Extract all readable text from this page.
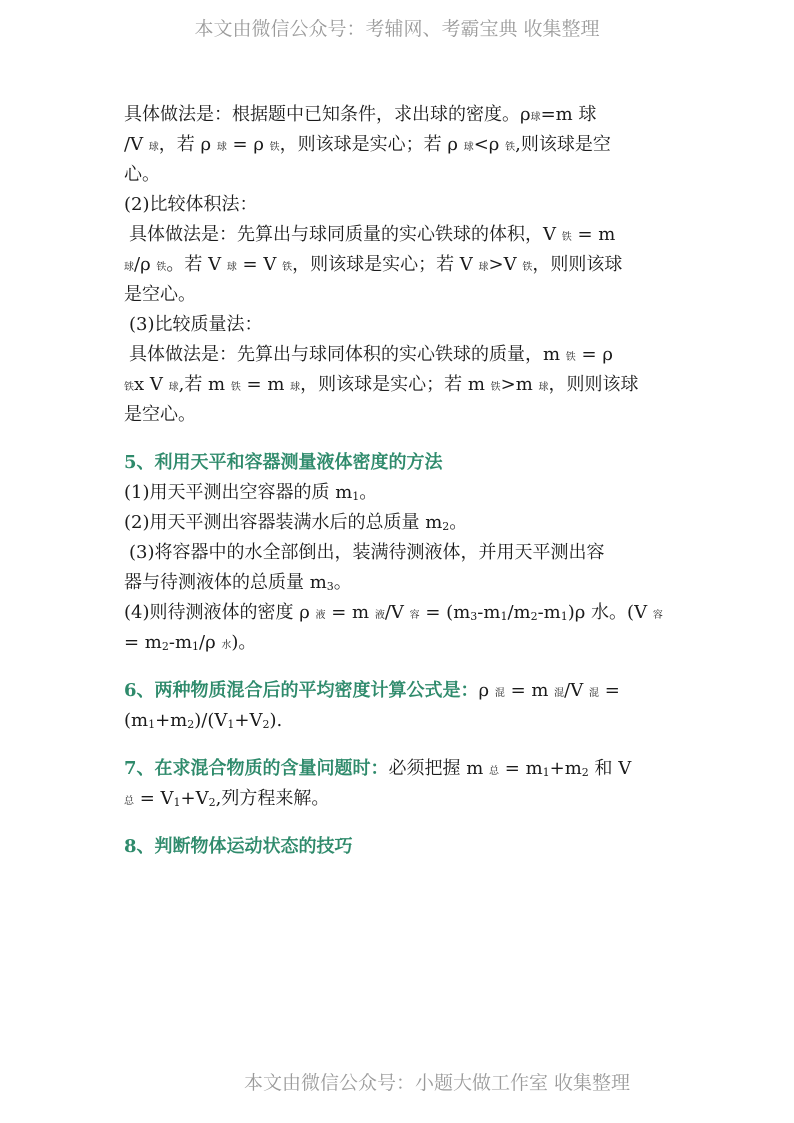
本文由微信公众号：考辅网、考霸宝典 收集整理
具体做法是：根据题中已知条件，求出球的密度。ρ球=m 球
/V 球，若 ρ 球 = ρ 铁，则该球是实心；若 ρ 球<ρ 铁,则该球是空
心。
(2)比较体积法：
具体做法是：先算出与球同质量的实心铁球的体积，V 铁 = m
球/ρ 铁。若 V 球 = V 铁，则该球是实心；若 V 球>V 铁，则则该球
是空心。
(3)比较质量法：
具体做法是：先算出与球同体积的实心铁球的质量，m 铁 = ρ
铁x V 球,若 m 铁 = m 球，则该球是实心；若 m 铁>m 球，则则该球
是空心。
5、利用天平和容器测量液体密度的方法
(1)用天平测出空容器的质 m1。
(2)用天平测出容器装满水后的总质量 m2。
(3)将容器中的水全部倒出，装满待测液体，并用天平测出容
器与待测液体的总质量 m3。
(4)则待测液体的密度 ρ 液 = m 液/V 容 = (m3-m1/m2-m1)ρ 水。(V 容
= m2-m1/ρ 水)。
6、两种物质混合后的平均密度计算公式是：ρ 混 = m 混/V 混 =
(m1+m2)/(V1+V2).
7、在求混合物质的含量问题时：必须把握 m 总 = m1+m2 和 V
总 = V1+V2,列方程来解。
8、判断物体运动状态的技巧
本文由微信公众号：小题大做工作室 收集整理
